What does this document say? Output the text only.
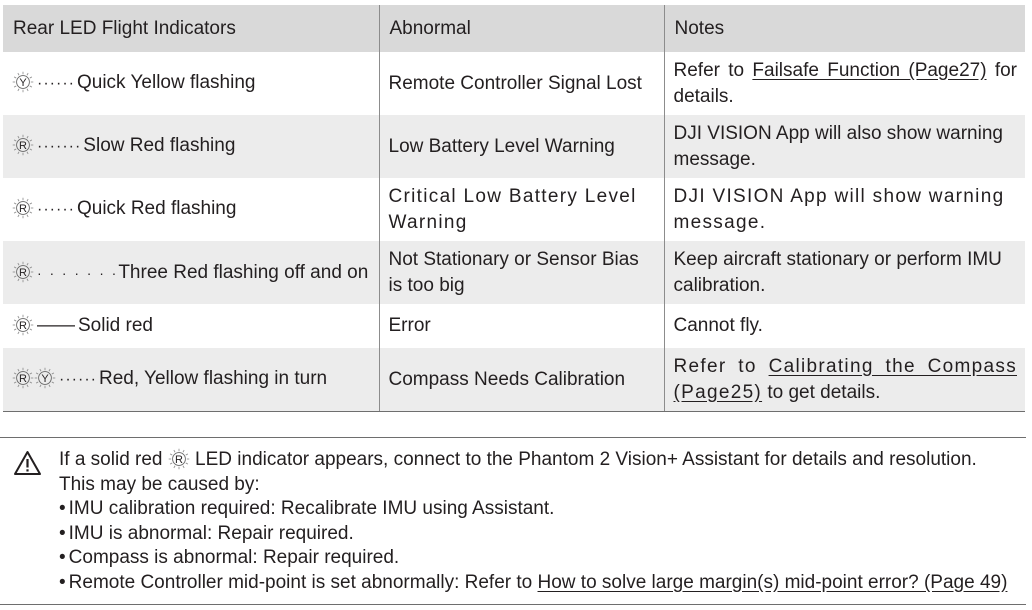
Rear LED Flight Indicators	Abnormal	Notes

Y ······ Quick Yellow flashing	Remote Controller Signal Lost	Refer to Failsafe Function (Page27) for details.

R ······· Slow Red flashing	Low Battery Level Warning	DJI VISION App will also show warning message.

R ······ Quick Red flashing	Critical Low Battery Level Warning	DJI VISION App will show warning message.

R ·  ·  ·  ·  ·  ·  · Three Red flashing off and on	Not Stationary or Sensor Bias is too big	Keep aircraft stationary or perform IMU calibration.

R —— Solid red	Error	Cannot fly.

R Y ······ Red, Yellow flashing in turn	Compass Needs Calibration	Refer to Calibrating the Compass (Page25) to get details.
If a solid red R LED indicator appears, connect to the Phantom 2 Vision+ Assistant for details and resolution.
This may be caused by:
• IMU calibration required: Recalibrate IMU using Assistant.
• IMU is abnormal: Repair required.
• Compass is abnormal: Repair required.
• Remote Controller mid-point is set abnormally: Refer to How to solve large margin(s) mid-point error? (Page 49)
